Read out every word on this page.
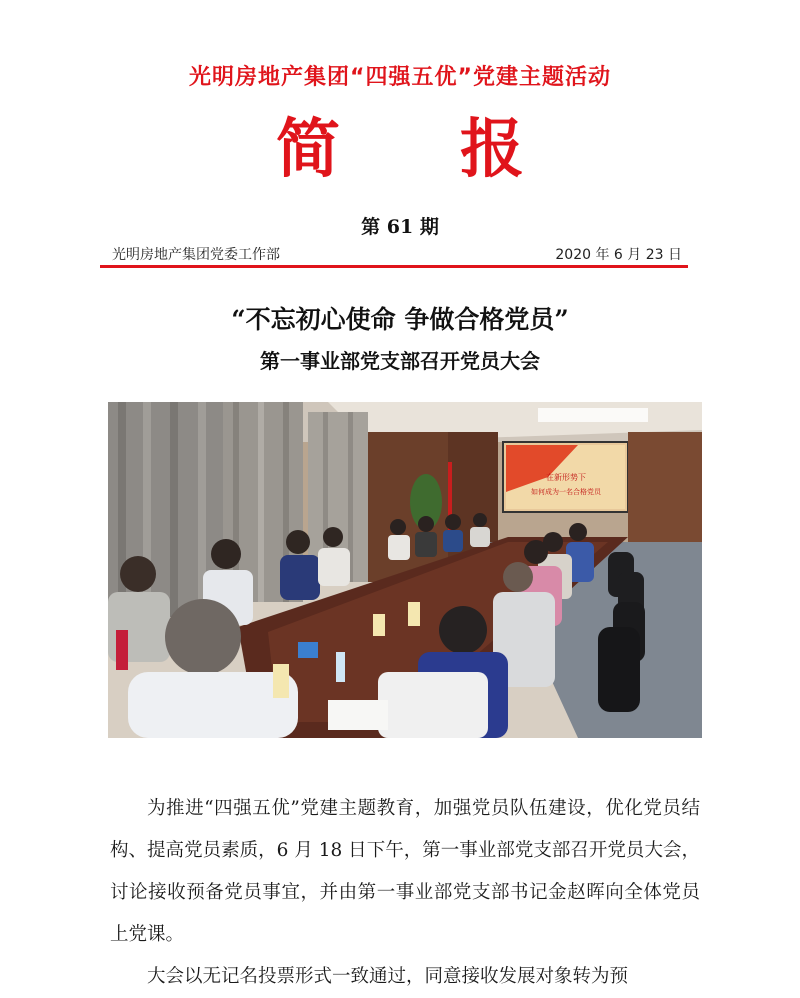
光明房地产集团“四强五优”党建主题活动
简 报
第 61 期
光明房地产集团党委工作部	2020 年 6 月 23 日
“不忘初心使命 争做合格党员”
第一事业部党支部召开党员大会
在新形势下
如何成为一名合格党员

为推进“四强五优”党建主题教育，加强党员队伍建设，优化党员结构、提高党员素质，6 月 18 日下午，第一事业部党支部召开党员大会，讨论接收预备党员事宜，并由第一事业部党支部书记金赵晖向全体党员上党课。

大会以无记名投票形式一致通过，同意接收发展对象转为预
